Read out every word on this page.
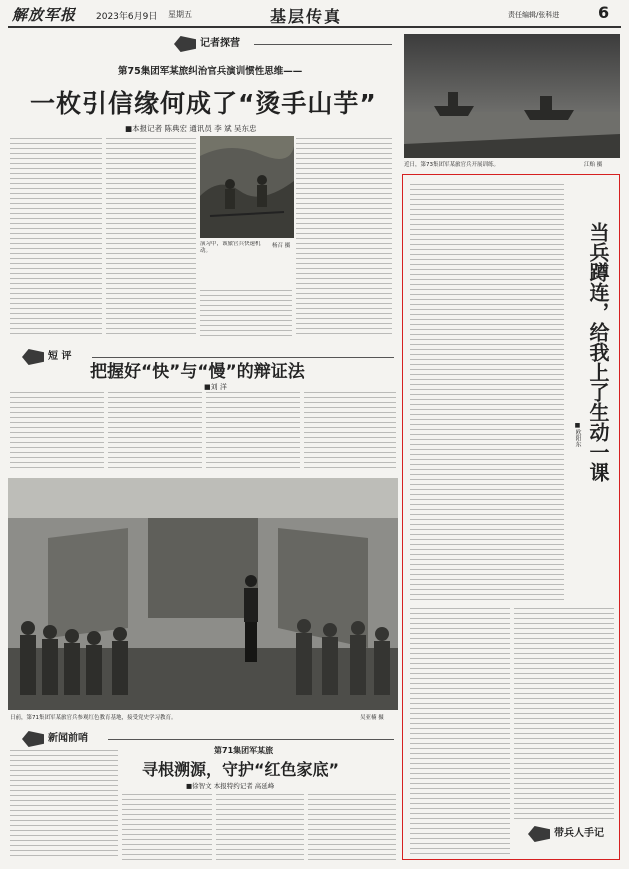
解放军报 2023年6月9日 星期五	基层传真	责任编辑/张科进 6
记者探营
第75集团军某旅纠治官兵演训惯性思维——
一枚引信缘何成了“烫手山芋”
■本报记者 陈典宏 通讯员 李 斌 吴东忠
演习中，该旅官兵快速机动。
杨召 摄
短 评
把握好“快”与“慢”的辩证法
■刘 洋
近日，第73集团军某旅官兵开展训练。	江贻 摄
当兵蹲连，给我上了生动一课
■欧阳东
带兵人手记
日前，第71集团军某旅官兵参观红色教育基地，接受党史学习教育。	吴亚楠 摄
新闻前哨
第71集团军某旅
寻根溯源，守护“红色家底”
■徐智文 本报特约记者 高延峰
